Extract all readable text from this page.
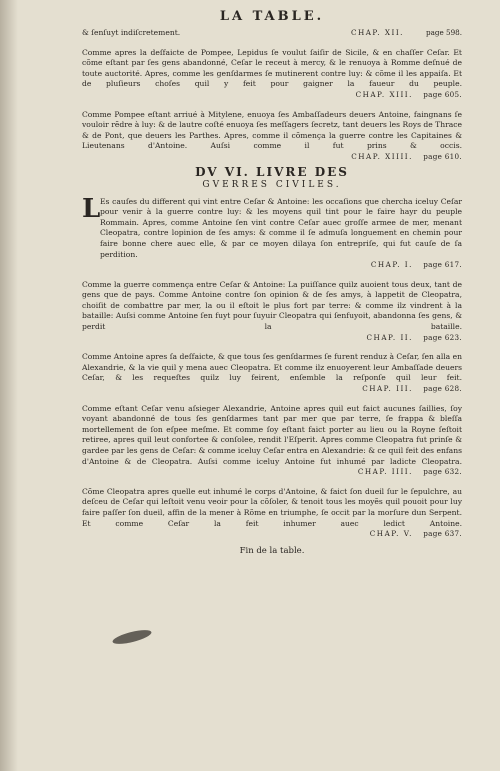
LA TABLE.
& ſenſuyt indiſcretement.	CHAP. XII.	page 598.

Comme apres la deſfaicte de Pompee, Lepidus ſe voulut ſaiſir de Sicile, & en chaſſer Ceſar. Et cõme eſtant par ſes gens abandonné, Ceſar le receut à mercy, & le renuoya à Romme deſnué de toute auctorité. Apres, comme les genſdarmes ſe mutinerent contre luy: & cõme il les appaiſa. Et de pluſieurs choſes quil y feit pour gaigner la faueur du peuple. CHAP. XIII. page 605.

Comme Pompee eſtant arriué à Mitylene, enuoya ſes Ambaſſadeurs deuers Antoine, faingnans ſe vouloir rẽdre à luy: & de lautre coſté enuoya ſes meſſagers ſecretz, tant deuers les Roys de Thrace & de Pont, que deuers les Parthes. Apres, comme il cõmença la guerre contre les Capitaines & Lieutenans d'Antoine. Auſsi comme il fut prins & occis. CHAP. XIIII. page 610.

DV VI. LIVRE DES
GVERRES CIVILES.

L Es cauſes du different qui vint entre Ceſar & Antoine: les occaſions que chercha iceluy Ceſar pour venir à la guerre contre luy: & les moyens quil tint pour le faire hayr du peuple Rommain. Apres, comme Antoine ſen vint contre Ceſar auec groſſe armee de mer, menant Cleopatra, contre lopinion de ſes amys: & comme il ſe admuſa longuement en chemin pour faire bonne chere auec elle, & par ce moyen dilaya ſon entrepriſe, qui fut cauſe de ſa perdition. CHAP. I. page 617.

Comme la guerre commença entre Ceſar & Antoine: La puiſſance quilz auoient tous deux, tant de gens que de pays. Comme Antoine contre ſon opinion & de ſes amys, à lappetit de Cleopatra, choiſit de combattre par mer, la ou il eſtoit le plus fort par terre: & comme ilz vindrent à la bataille: Auſsi comme Antoine ſen fuyt pour ſuyuir Cleopatra qui ſenfuyoit, abandonna ſes gens, & perdit la bataille. CHAP. II. page 623.

Comme Antoine apres ſa deſfaicte, & que tous ſes genſdarmes ſe furent renduz à Ceſar, ſen alla en Alexandrie, & la vie quil y mena auec Cleopatra. Et comme ilz enuoyerent leur Ambaſſade deuers Ceſar, & les requeſtes quilz luy feirent, enſemble la reſponſe quil leur feit. CHAP. III. page 628.

Comme eſtant Ceſar venu aſsieger Alexandrie, Antoine apres quil eut faict aucunes ſaillies, ſoy voyant abandonné de tous ſes genſdarmes tant par mer que par terre, ſe frappa & bleſſa mortellement de ſon eſpee meſme. Et comme ſoy eſtant faict porter au lieu ou la Royne ſeſtoit retiree, apres quil leut confortee & conſolee, rendit l'Eſperit. Apres comme Cleopatra fut prinſe & gardee par les gens de Ceſar: & comme iceluy Ceſar entra en Alexandrie: & ce quil feit des enfans d'Antoine & de Cleopatra. Auſsi comme iceluy Antoine fut inhumé par ladicte Cleopatra. CHAP. IIII. page 632.

Cõme Cleopatra apres quelle eut inhumé le corps d'Antoine, & faict ſon dueil ſur le ſepulchre, au deſceu de Ceſar qui leſtoit venu veoir pour la cõſoler, & tenoit tous les moyẽs quil pouoit pour luy faire paſſer ſon dueil, affin de la mener à Rõme en triumphe, ſe occit par la morſure dun Serpent. Et comme Ceſar la feit inhumer auec ledict Antoine. CHAP. V. page 637.

Fin de la table.
